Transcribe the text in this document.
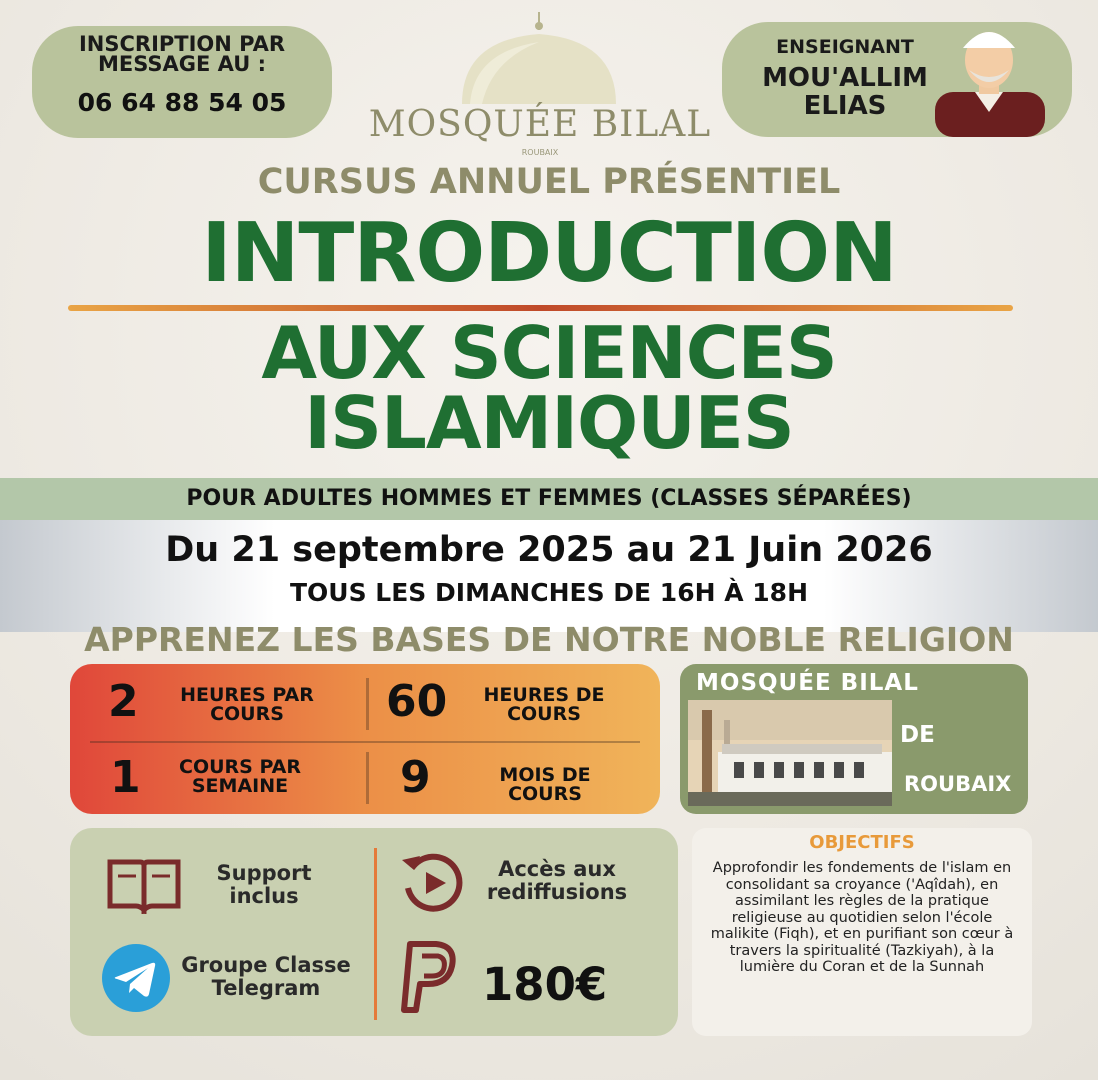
INSCRIPTION PAR
MESSAGE AU :
06 64 88 54 05
MOSQUÉE BILAL
ROUBAIX
ENSEIGNANT
MOU'ALLIM
ELIAS
CURSUS ANNUEL PRÉSENTIEL
INTRODUCTION
AUX SCIENCES
ISLAMIQUES
POUR ADULTES HOMMES ET FEMMES (CLASSES SÉPARÉES)
Du 21 septembre 2025 au 21 Juin 2026
TOUS LES DIMANCHES DE 16H À 18H
APPRENEZ LES BASES DE NOTRE NOBLE RELIGION
2	HEURES PAR
COURS	60	HEURES DE
COURS
1	COURS PAR
SEMAINE	9	MOIS DE
COURS
MOSQUÉE BILAL
DE
ROUBAIX
Support
inclus
Accès aux
rediffusions
Groupe Classe
Telegram	180€
OBJECTIFS
Approfondir les fondements de l'islam en consolidant sa croyance ('Aqîdah), en assimilant les règles de la pratique religieuse au quotidien selon l'école malikite (Fiqh), et en purifiant son cœur à travers la spiritualité (Tazkiyah), à la lumière du Coran et de la Sunnah
